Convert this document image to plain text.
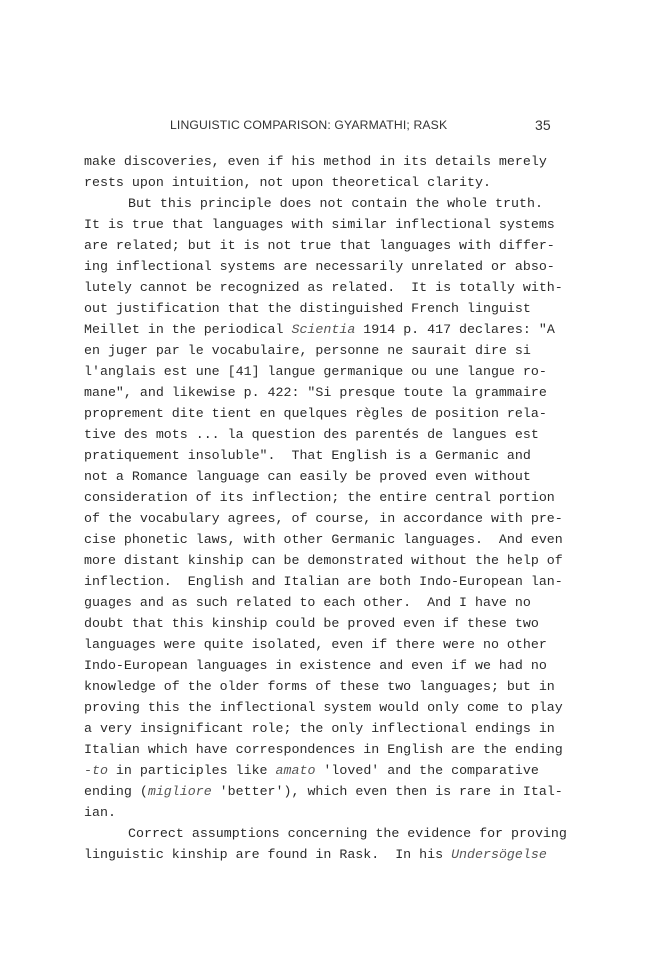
LINGUISTIC COMPARISON: GYARMATHI; RASK	35
make discoveries, even if his method in its details merely
rests upon intuition, not upon theoretical clarity.
But this principle does not contain the whole truth.
It is true that languages with similar inflectional systems
are related; but it is not true that languages with differ-
ing inflectional systems are necessarily unrelated or abso-
lutely cannot be recognized as related.  It is totally with-
out justification that the distinguished French linguist
Meillet in the periodical Scientia 1914 p. 417 declares: "A
en juger par le vocabulaire, personne ne saurait dire si
l'anglais est une [41] langue germanique ou une langue ro-
mane", and likewise p. 422: "Si presque toute la grammaire
proprement dite tient en quelques règles de position rela-
tive des mots ... la question des parentés de langues est
pratiquement insoluble".  That English is a Germanic and
not a Romance language can easily be proved even without
consideration of its inflection; the entire central portion
of the vocabulary agrees, of course, in accordance with pre-
cise phonetic laws, with other Germanic languages.  And even
more distant kinship can be demonstrated without the help of
inflection.  English and Italian are both Indo-European lan-
guages and as such related to each other.  And I have no
doubt that this kinship could be proved even if these two
languages were quite isolated, even if there were no other
Indo-European languages in existence and even if we had no
knowledge of the older forms of these two languages; but in
proving this the inflectional system would only come to play
a very insignificant role; the only inflectional endings in
Italian which have correspondences in English are the ending
-to in participles like amato 'loved' and the comparative
ending (migliore 'better'), which even then is rare in Ital-
ian.
Correct assumptions concerning the evidence for proving
linguistic kinship are found in Rask.  In his Undersögelse
